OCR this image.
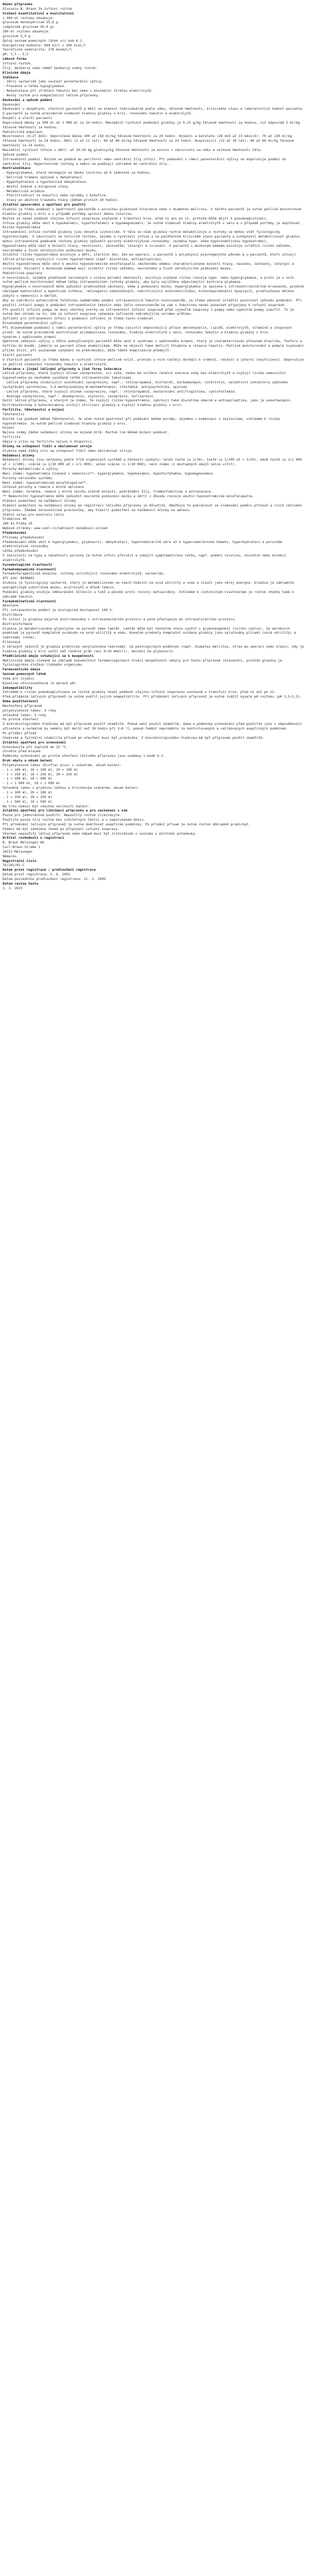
Název přípravku
Glucosio B. Braun 5% infuzní roztok
Složení kvantitativní a kvalitativní
1 000 ml roztoku obsahuje:
glucosum monohydricum 55,0 g
(odpovídá glucosum 50,0 g)
100 ml roztoku obsahuje:
glucosum 5,0 g
Úplný seznam pomocných látek viz bod 6.1.
Energetická hodnota: 840 kJ/l = 200 kcal/l
Teoretická osmolarita: 278 mosmol/l
pH: 3,5 – 5,5
Léková forma
Infuzní roztok.
Čirý, bezbarvý nebo téměř bezbarvý vodný roztok.
Klinické údaje
Indikace
- Zdroj sacharidů jako součást parenterální výživy.
- Prevence a léčba hypoglykemie.
- Rehydratace při ztrátách tekutin bez nebo s minimální ztrátou elektrolytů.
- Nosný roztok pro kompatibilní léčivé přípravky.
Dávkování a způsob podání
Dávkování
Dávkování u dospělých, starších pacientů a dětí se stanoví individuálně podle věku, tělesné hmotnosti, klinického stavu a laboratorních hodnot pacienta. U pacientů je nutné pravidelně sledovat hladinu glukózy v krvi, rovnováhu tekutin a elektrolytů.
Dospělí a starší pacienti
Doporučená dávka je 500 ml až 3 000 ml za 24 hodin. Maximální rychlost podávání glukózy je 0,25 g/kg tělesné hmotnosti za hodinu, což odpovídá 5 ml/kg tělesné hmotnosti za hodinu.
Pediatrická populace
Novorozenci (0–27 dnů): doporučená dávka 100 až 150 ml/kg tělesné hmotnosti za 24 hodin. Kojenci a batolata (28 dnů až 23 měsíců): 70 až 120 ml/kg tělesné hmotnosti za 24 hodin. Děti (2 až 11 let): 60 až 80 ml/kg tělesné hmotnosti za 24 hodin. Dospívající (12 až 18 let): 40 až 60 ml/kg tělesné hmotnosti za 24 hodin.
Maximální rychlost infuze u dětí: až 10–18 mg glukózy/kg tělesné hmotnosti za minutu v závislosti na věku a celkové hmotnosti těla.
Způsob podání
Intravenózní podání. Roztok se podává do periferní nebo centrální žíly infuzí. Při podávání v rámci parenterální výživy se doporučuje podání do centrální žíly. Hypertonické roztoky a směsi se podávají výhradně do centrální žíly.
Kontraindikace
- Hyperglykemie, která nereaguje na dávky inzulinu až 6 jednotek za hodinu.
- Delirium tremens spojené s dehydratací.
- Hyperhydratace a hypotonická dehydratace.
- Akutní šokové a kolapsové stavy.
- Metabolická acidóza.
- Přecitlivělost na kukuřici nebo výrobky z kukuřice.
- Stavy po akutním traumatu hlavy (během prvních 24 hodin).
Zvláštní upozornění a opatření pro použití
Glukózu je třeba podávat s opatrností pacientům s poruchou glukózové tolerance nebo s diabetes mellitus. U těchto pacientů je nutné pečlivě monitorovat hladinu glukózy v krvi a v případě potřeby upravit dávku inzulinu.
Roztok se nesmí podávat stejnou infuzní soupravou současně s transfuzí krve, před ní ani po ní, protože může dojít k pseudoaglutinaci.
Infuze glukózy může vést k hypokalemii, hypofosfatemii a hypomagnezemii. Je nutné sledovat hladiny elektrolytů v séru a v případě potřeby je doplňovat.
Riziko hyponatremie
Intravenózní infuze roztoků glukózy jsou obvykle izotonické. V těle se však glukóza rychle metabolizuje a roztoky se mohou stát fyziologicky hypotonickými. V závislosti na tonicitě roztoku, objemu a rychlosti infuze a na počátečním klinickém stavu pacienta a schopnosti metabolizovat glukózu mohou intravenózně podávané roztoky glukózy způsobit poruchy elektrolytové rovnováhy, zejména hypo- nebo hyperosmotickou hyponatremii.
Hyponatremie může vést k bolesti hlavy, nevolnosti, záchvatům, letargii a zvracení. U pacientů s mozkovým edémem existuje zvláštní riziko vážného, nevratného a život ohrožujícího poškození mozku.
Zvláštní riziko hyponatremie existuje u dětí, starších žen, žen po operaci, u pacientů s polydipsií psychogenního původu a u pacientů, kteří užívají léčivé přípravky zvyšující riziko hyponatremie (např. diuretika, antiepileptika).
Akutní hyponatremie může vést k akutní hyponatremické encefalopatii (mozkovému edému) charakterizované bolestí hlavy, nauzeou, záchvaty, letargií a zvracením. Pacienti s mozkovým edémem mají zvláštní riziko vážného, nevratného a život ohrožujícího poškození mozku.
Pediatrická populace
U novorozenců, zejména předčasně narozených s nízkou porodní hmotností, existuje zvýšené riziko rozvoje hypo- nebo hyperglykemie, a proto je u nich nutné pečlivé monitorování během léčby intravenózními roztoky glukózy, aby byla zajištěna odpovídající kontrola glykemie.
Hypoglykemie u novorozenců může způsobit prodloužené záchvaty, kóma a poškození mozku. Hyperglykemie je spojena s intraventrikulárním krvácením, pozdním nástupem bakteriální a mykotické infekce, retinopatií nedonošených, nekrotizující enterokolitidou, bronchopulmonální dysplazií, prodlouženou délkou pobytu v nemocnici a úmrtím.
Aby se zabránilo potenciálně fatálnímu nadměrnému podání intravenózních tekutin novorozencům, je třeba věnovat zvláštní pozornost způsobu podávání. Při použití infuzní pumpy k podávání intravenózních tekutin nebo léčiv novorozencům se vak s tekutinou nesmí ponechat připojený k infuzní soupravě.
Při použití infuzní pumpy se musí všechny svorky na intravenózní infuzní soupravě před vyjmutím soupravy z pumpy nebo vypnutím pumpy uzavřít. To je nutné bez ohledu na to, zda je infuzní souprava vybavena zařízením zabraňujícím volnému průtoku.
Zařízení pro intravenózní infuzi a podávací zařízení je třeba často sledovat.
Dlouhodobá parenterální výživa
Při dlouhodobém podávání v rámci parenterální výživy je třeba zajistit odpovídající přísun aminokyselin, lipidů, elektrolytů, vitaminů a stopových prvků. Je nutné pravidelně kontrolovat acidobazickou rovnováhu, hladiny elektrolytů v séru, rovnováhu tekutin a hladinu glukózy v krvi.
Syndrom z opětovného krmení
Opětovné zahájení výživy u těžce podvyživených pacientů může vést k syndromu z opětovného krmení, který je charakterizován přesunem draslíku, fosforu a hořčíku do buněk, jakmile se pacient stane anabolickým. Může se objevit také deficit thiaminu a retence tekutin. Pečlivé monitorování a pomalé zvyšování příjmu živin, při současném vyhýbání se překrmování, může těmto komplikacím předejít.
Starší pacienti
U starších pacientů je třeba dávku a rychlost infuze pečlivě volit, protože u nich častěji dochází k srdeční, renální a jaterní insuficienci. Doporučuje se pečlivé sledování rovnováhy tekutin a elektrolytů.
Interakce s jinými léčivými přípravky a jiné formy interakce
Léčivé přípravky, které zvyšují účinek vazopresinu, viz výše, vedou ke snížení renální exkrece vody bez elektrolytů a zvyšují riziko nemocniční hyponatremie po nevhodně vyvážené léčbě intravenózními tekutinami.
- Léčivé přípravky stimulující uvolňování vazopresinu, např.: chlorpropamid, klofibrát, karbamazepin, vinkristin, selektivní inhibitory zpětného vychytávání serotoninu, 3,4-methylendioxy-N-methamfetamin, ifosfamid, antipsychotika, opioidy.
- Léčivé přípravky, které zvyšují účinek vazopresinu, např.: chlorpropamid, nesteroidní antiflogistika, cyklofosfamid.
- Analoga vazopresinu, např.: desmopresin, oxytocin, vazopresin, terlipresin.
Další léčivé přípravky, u kterých je známo, že zvyšují riziko hyponatremie, zahrnují také diuretika obecně a antiepileptika, jako je oxkarbazepin.
Kortikosteroidy a katecholaminy snižují utilizaci glukózy a zvyšují hladinu glukózy v krvi.
Fertilita, těhotenství a kojení
Těhotenství
Roztok lze podávat během těhotenství. Je však nutná opatrnost při podávání během porodu, zejména v kombinaci s oxytocinem, vzhledem k riziku hyponatremie. Je nutné pečlivě sledovat hladiny glukózy v krvi.
Kojení
Nejsou známy žádné nežádoucí účinky na kojené dítě. Roztok lze během kojení podávat.
Fertilita
Údaje o vlivu na fertilitu nejsou k dispozici.
Účinky na schopnost řídit a obsluhovat stroje
Glukóza nemá žádný vliv na schopnost řídit nebo obsluhovat stroje.
Nežádoucí účinky
Nežádoucí účinky jsou seřazeny podle tříd orgánových systémů a četnosti výskytu: velmi časté (≥ 1/10); časté (≥ 1/100 až < 1/10); méně časté (≥ 1/1 000 až < 1/100); vzácné (≥ 1/10 000 až < 1/1 000); velmi vzácné (< 1/10 000); není známo (z dostupných údajů nelze určit).
Poruchy metabolismu a výživy
Není známo: hyponatremie získaná v nemocnici**, hyperglykemie, hypokalemie, hypofosfatemie, hypomagnezemie.
Poruchy nervového systému
Není známo: hyponatremická encefalopatie**.
Celkové poruchy a reakce v místě aplikace
Není známo: horečka, reakce v místě vpichu včetně bolesti, podráždění žíly, tromboflebitidy a extravazace.
** Nemocniční hyponatremie může způsobit nevratné poškození mozku a úmrtí z důvodu rozvoje akutní hyponatremické encefalopatie.
Hlášení podezření na nežádoucí účinky
Hlášení podezření na nežádoucí účinky po registraci léčivého přípravku je důležité. Umožňuje to pokračovat ve sledování poměru přínosů a rizik léčivého přípravku. Žádáme zdravotnické pracovníky, aby hlásili podezření na nežádoucí účinky na adresu:
Státní ústav pro kontrolu léčiv
Šrobárova 48
100 41 Praha 10
Webové stránky: www.sukl.cz/nahlasit-nezadouci-ucinek
Předávkování
Příznaky předávkování
Předávkování může vést k hyperglykemii, glykosurii, dehydrataci, hyperosmolaritě séra až k hyperosmolárnímu kómatu, hyperhydrataci a poruchám elektrolytové rovnováhy.
Léčba předávkování
V závislosti na typu a závažnosti poruchy je nutné infuzi přerušit a zahájit symptomatickou léčbu, např. podání inzulinu, diuretik nebo korekci elektrolytů.
Farmakologické vlastnosti
Farmakodynamické vlastnosti
Farmakoterapeutická skupina: roztoky ovlivňující rovnováhu elektrolytů, sacharidy.
ATC kód: B05BA03
Glukóza je fyziologický sacharid, který je metabolizován ve všech tkáních na oxid uhličitý a vodu a slouží jako zdroj energie. Glukóza je základním energetickým substrátem mozku, erytrocytů a dřeně ledvin.
Podávání glukózy snižuje odbourávání bílkovin a tuků a působí proti rozvoji ketoacidózy. Vzhledem k izotonickým vlastnostem je roztok vhodný také k náhradě tekutin.
Farmakokinetické vlastnosti
Absorpce
Při intravenózním podání je biologická dostupnost 100 %.
Distribuce
Po infuzi je glukóza nejprve distribuována v intravaskulárním prostoru a poté přestupuje do intracelulárního prostoru.
Biotransformace
Glukóza je metabolizována glykolýzou na pyruvát nebo laktát. Laktát může být částečně znovu využit v glukoneogenezi (Coriho cyklus). Za aerobních podmínek je pyruvát kompletně oxidován na oxid uhličitý a vodu. Konečné produkty kompletní oxidace glukózy jsou vylučovány plícemi (oxid uhličitý) a ledvinami (voda).
Eliminace
U zdravých jedinců je glukóza prakticky nevylučována ledvinami. Za patologických podmínek (např. diabetes mellitus, stres po operaci nebo úrazu), kdy je hladina glukózy v krvi vyšší než renální práh (asi 9–10 mmol/l), dochází ke glykosurii.
Předklinické údaje vztahující se k bezpečnosti
Neklinické údaje získané na základě konvenčních farmakologických studií bezpečnosti nebyly pro tento přípravek relevantní, protože glukóza je fyziologickou složkou lidského organismu.
Farmaceutické údaje
Seznam pomocných látek
Voda pro injekci
Kyselina chlorovodíková (k úpravě pH)
Inkompatibility
Vzhledem k riziku pseudoaglutinace se roztok glukózy nesmí podávat stejnou infuzní soupravou současně s transfuzí krve, před ní ani po ní.
Před přidáním léčivých přípravků je nutné ověřit jejich kompatibilitu. Při přidávání léčivých přípravků je nutné zvážit kyselé pH roztoku (pH 3,5–5,5).
Doba použitelnosti
Neotevřený přípravek
polyetylenová lahev: 3 roky
skleněná lahev: 3 roky
Po prvním otevření
Z mikrobiologického hlediska má být přípravek použit okamžitě. Pokud není použit okamžitě, doba a podmínky uchovávání před použitím jsou v odpovědnosti uživatele a normálně by neměly být delší než 24 hodin při 2–8 °C, pokud ředění neproběhlo za kontrolovaných a validovaných aseptických podmínek.
Po přidání přísad
Chemická a fyzikální stabilita přísad po otevření musí být prokázána. Z mikrobiologického hlediska má být přípravek použit okamžitě.
Zvláštní opatření pro uchovávání
Uchovávejte při teplotě do 25 °C.
Chraňte před mrazem.
Podmínky uchovávání po prvním otevření léčivého přípravku jsou uvedeny v bodě 6.3.
Druh obalu a obsah balení
Polyetylenová lahev (Ecoflac plus) s uzávěrem, obsah balení:
- 1 × 100 ml, 10 × 100 ml, 20 × 100 ml
- 1 × 250 ml, 10 × 250 ml, 20 × 250 ml
- 1 × 500 ml, 10 × 500 ml
- 1 × 1 000 ml, 10 × 1 000 ml
Skleněná lahev s pryžovou zátkou a hliníkovým uzávěrem, obsah balení:
- 1 × 100 ml, 20 × 100 ml
- 1 × 250 ml, 10 × 250 ml
- 1 × 500 ml, 10 × 500 ml
Na trhu nemusí být všechny velikosti balení.
Zvláštní opatření pro likvidaci přípravku a pro zacházení s ním
Pouze pro jednorázové použití. Nepoužitý roztok zlikvidujte.
Použijte pouze čirý roztok bez viditelných částic a v neporušeném obalu.
Při přidávání léčivých přípravků je nutné dodržovat aseptické podmínky. Po přidání přísad je nutné roztok důkladně promíchat.
Podání má být zahájeno ihned po připojení infuzní soupravy.
Všechen nepoužitý léčivý přípravek nebo odpad musí být zlikvidován v souladu s místními požadavky.
Držitel rozhodnutí o registraci
B. Braun Melsungen AG
Carl-Braun-Straße 1
34212 Melsungen
Německo
Registrační číslo
76/262/02-C
Datum první registrace / prodloužení registrace
Datum první registrace: 5. 6. 2002
Datum posledního prodloužení registrace: 11. 3. 2009
Datum revize textu
2. 3. 2023
